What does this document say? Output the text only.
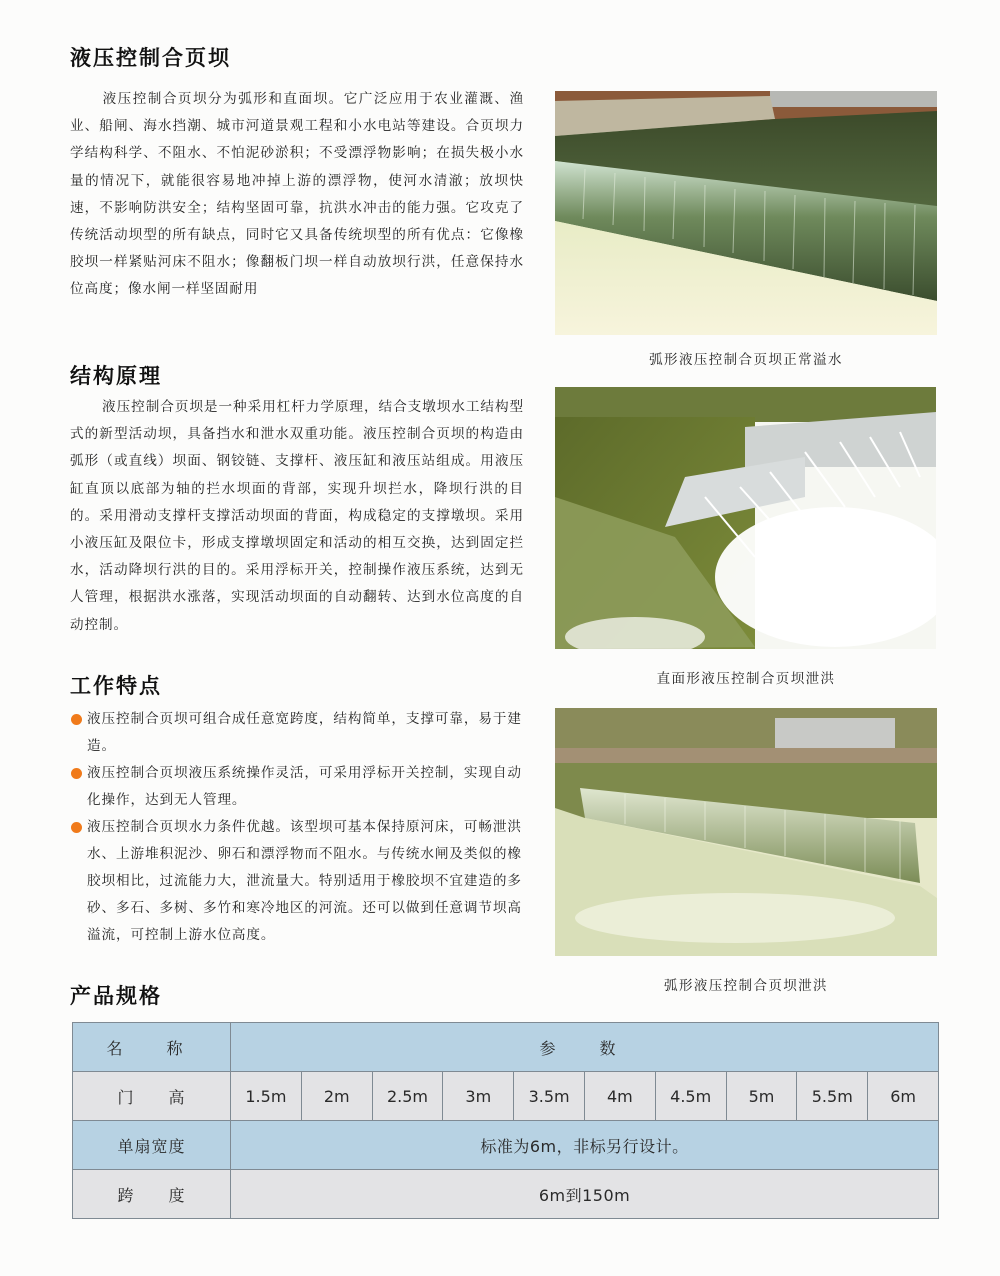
液压控制合页坝
液压控制合页坝分为弧形和直面坝。它广泛应用于农业灌溉、渔业、船闸、海水挡潮、城市河道景观工程和小水电站等建设。合页坝力学结构科学、不阻水、不怕泥砂淤积；不受漂浮物影响；在损失极小水量的情况下，就能很容易地冲掉上游的漂浮物，使河水清澈；放坝快速，不影响防洪安全；结构坚固可靠，抗洪水冲击的能力强。它攻克了传统活动坝型的所有缺点，同时它又具备传统坝型的所有优点：它像橡胶坝一样紧贴河床不阻水；像翻板门坝一样自动放坝行洪，任意保持水位高度；像水闸一样坚固耐用
结构原理
液压控制合页坝是一种采用杠杆力学原理，结合支墩坝水工结构型式的新型活动坝，具备挡水和泄水双重功能。液压控制合页坝的构造由弧形（或直线）坝面、钢铰链、支撑杆、液压缸和液压站组成。用液压缸直顶以底部为轴的拦水坝面的背部，实现升坝拦水，降坝行洪的目的。采用滑动支撑杆支撑活动坝面的背面，构成稳定的支撑墩坝。采用小液压缸及限位卡，形成支撑墩坝固定和活动的相互交换，达到固定拦水，活动降坝行洪的目的。采用浮标开关，控制操作液压系统，达到无人管理，根据洪水涨落，实现活动坝面的自动翻转、达到水位高度的自动控制。
工作特点
液压控制合页坝可组合成任意宽跨度，结构简单，支撑可靠，易于建造。
液压控制合页坝液压系统操作灵活，可采用浮标开关控制，实现自动化操作，达到无人管理。
液压控制合页坝水力条件优越。该型坝可基本保持原河床，可畅泄洪水、上游堆积泥沙、卵石和漂浮物而不阻水。与传统水闸及类似的橡胶坝相比，过流能力大，泄流量大。特别适用于橡胶坝不宜建造的多砂、多石、多树、多竹和寒冷地区的河流。还可以做到任意调节坝高溢流，可控制上游水位高度。
弧形液压控制合页坝正常溢水
直面形液压控制合页坝泄洪
弧形液压控制合页坝泄洪
产品规格
名　称	参　数									
门　　高	1.5m	2m	2.5m	3m	3.5m	4m	4.5m	5m	5.5m	6m
单扇宽度	标准为6m，非标另行设计。									
跨　　度	6m到150m									
